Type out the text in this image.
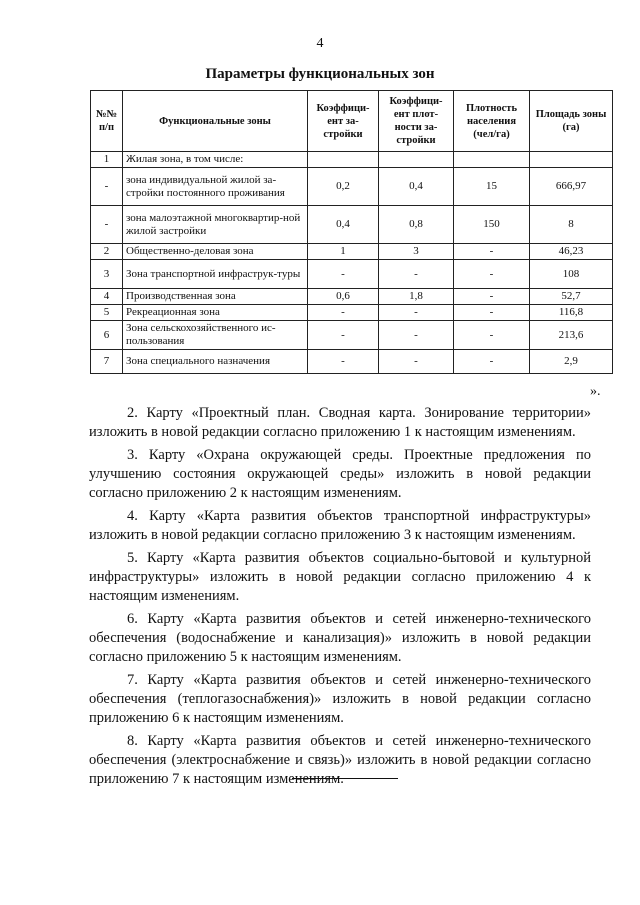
4
Параметры функциональных зон
№№ п/п	Функциональные зоны	Коэффици-ент за-стройки	Коэффици-ент плот-ности за-стройки	Плотность населения (чел/га)	Площадь зоны (га)
1	Жилая зона, в том числе:				
-	зона индивидуальной жилой за-стройки постоянного проживания	0,2	0,4	15	666,97
-	зона малоэтажной многоквартир-ной жилой застройки	0,4	0,8	150	8
2	Общественно-деловая зона	1	3	-	46,23
3	Зона транспортной инфраструк-туры	-	-	-	108
4	Производственная зона	0,6	1,8	-	52,7
5	Рекреационная зона	-	-	-	116,8
6	Зона сельскохозяйственного ис-пользования	-	-	-	213,6
7	Зона специального назначения	-	-	-	2,9
».

2. Карту «Проектный план. Сводная карта. Зонирование территории» изложить в новой редакции согласно приложению 1 к настоящим изменениям.

3. Карту «Охрана окружающей среды. Проектные предложения по улучшению состояния окружающей среды» изложить в новой редакции согласно приложению 2 к настоящим изменениям.

4. Карту «Карта развития объектов транспортной инфраструктуры» изложить в новой редакции согласно приложению 3 к настоящим изменениям.

5. Карту «Карта развития объектов социально-бытовой и культурной инфраструктуры» изложить в новой редакции согласно приложению 4 к настоящим изменениям.

6. Карту «Карта развития объектов и сетей инженерно-технического обеспечения (водоснабжение и канализация)» изложить в новой редакции согласно приложению 5 к настоящим изменениям.

7. Карту «Карта развития объектов и сетей инженерно-технического обеспечения (теплогазоснабжения)» изложить в новой редакции согласно приложению 6 к настоящим изменениям.

8. Карту «Карта развития объектов и сетей инженерно-технического обеспечения (электроснабжение и связь)» изложить в новой редакции согласно приложению 7 к настоящим изменениям.
